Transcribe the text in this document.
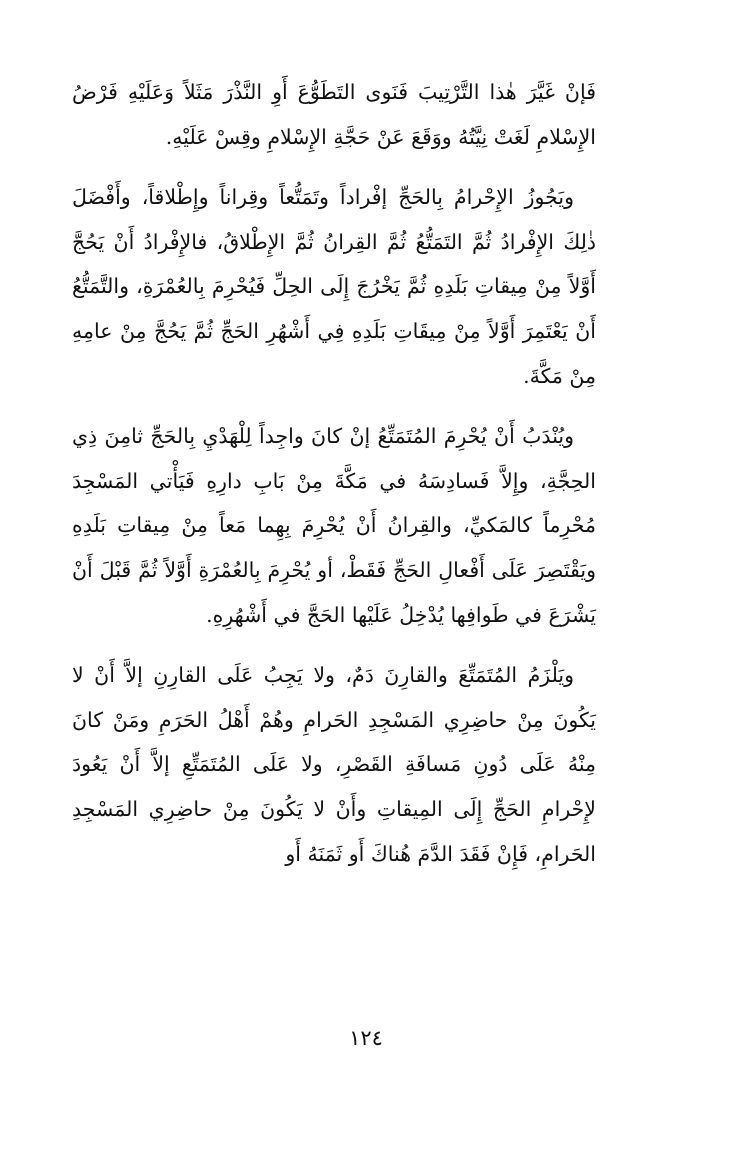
فَإنْ غَيَّرَ هٰذا التَّرْتِيبَ فَنَوى التَطَوُّعَ أَوِ النَّذْرَ مَثَلاً وَعَلَيْهِ فَرْضُ الإِسْلامِ لَغَتْ نِيَّتُهُ ووَقَعَ عَنْ حَجَّةِ الإِسْلامِ وقِسْ عَلَيْهِ.

ويَجُوزُ الإِحْرامُ بِالحَجِّ إفْراداً وتَمَتُّعاً وقِراناً وإِطْلاقاً، وأَفْضَلَ ذٰلِكَ الإِفْرادُ ثُمَّ التَمَتُّعُ ثُمَّ القِرانُ ثُمَّ الإِطْلاقُ، فالإِفْرادُ أَنْ يَحُجَّ أَوَّلاً مِنْ مِيقاتِ بَلَدِهِ ثُمَّ يَخْرُجَ إِلَى الحِلِّ فَيُحْرِمَ بِالعُمْرَةِ، والتَّمَتُّعُ أَنْ يَعْتَمِرَ أَوَّلاً مِنْ مِيقَاتِ بَلَدِهِ فِي أَشْهُرِ الحَجِّ ثُمَّ يَحُجَّ مِنْ عامِهِ مِنْ مَكَّةَ.

ويُنْدَبُ أَنْ يُحْرِمَ المُتَمَتِّعُ إنْ كانَ واجِداً لِلْهَدْيِ بِالحَجِّ ثامِنَ ذِي الحِجَّةِ، وإِلاَّ فَسادِسَهُ في مَكَّةَ مِنْ بَابِ دارِهِ فَيَأْتي المَسْجِدَ مُحْرِماً كالمَكيِّ، والقِرانُ أَنْ يُحْرِمَ بِهِما مَعاً مِنْ مِيقاتِ بَلَدِهِ ويَقْتَصِرَ عَلَى أَفْعالِ الحَجِّ فَقَطْ، أو يُحْرِمَ بِالعُمْرَةِ أَوَّلاً ثُمَّ قَبْلَ أَنْ يَشْرَعَ في طَوافِها يُدْخِلُ عَلَيْها الحَجَّ في أَشْهُرِهِ.

ويَلْزَمُ المُتَمَتِّعَ والقارِنَ دَمٌ، ولا يَجِبُ عَلَى القارِنِ إلاَّ أَنْ لا يَكُونَ مِنْ حاضِرِي المَسْجِدِ الحَرامِ وهُمْ أَهْلُ الحَرَمِ ومَنْ كانَ مِنْهُ عَلَى دُونِ مَسافَةِ القَصْرِ، ولا عَلَى المُتَمَتِّعِ إلاَّ أَنْ يَعُودَ لإِحْرامِ الحَجِّ إِلَى المِيقاتِ وأَنْ لا يَكُونَ مِنْ حاضِرِي المَسْجِدِ الحَرامِ، فَإِنْ فَقَدَ الدَّمَ هُناكَ أَو ثَمَنَهُ أَو

١٢٤
